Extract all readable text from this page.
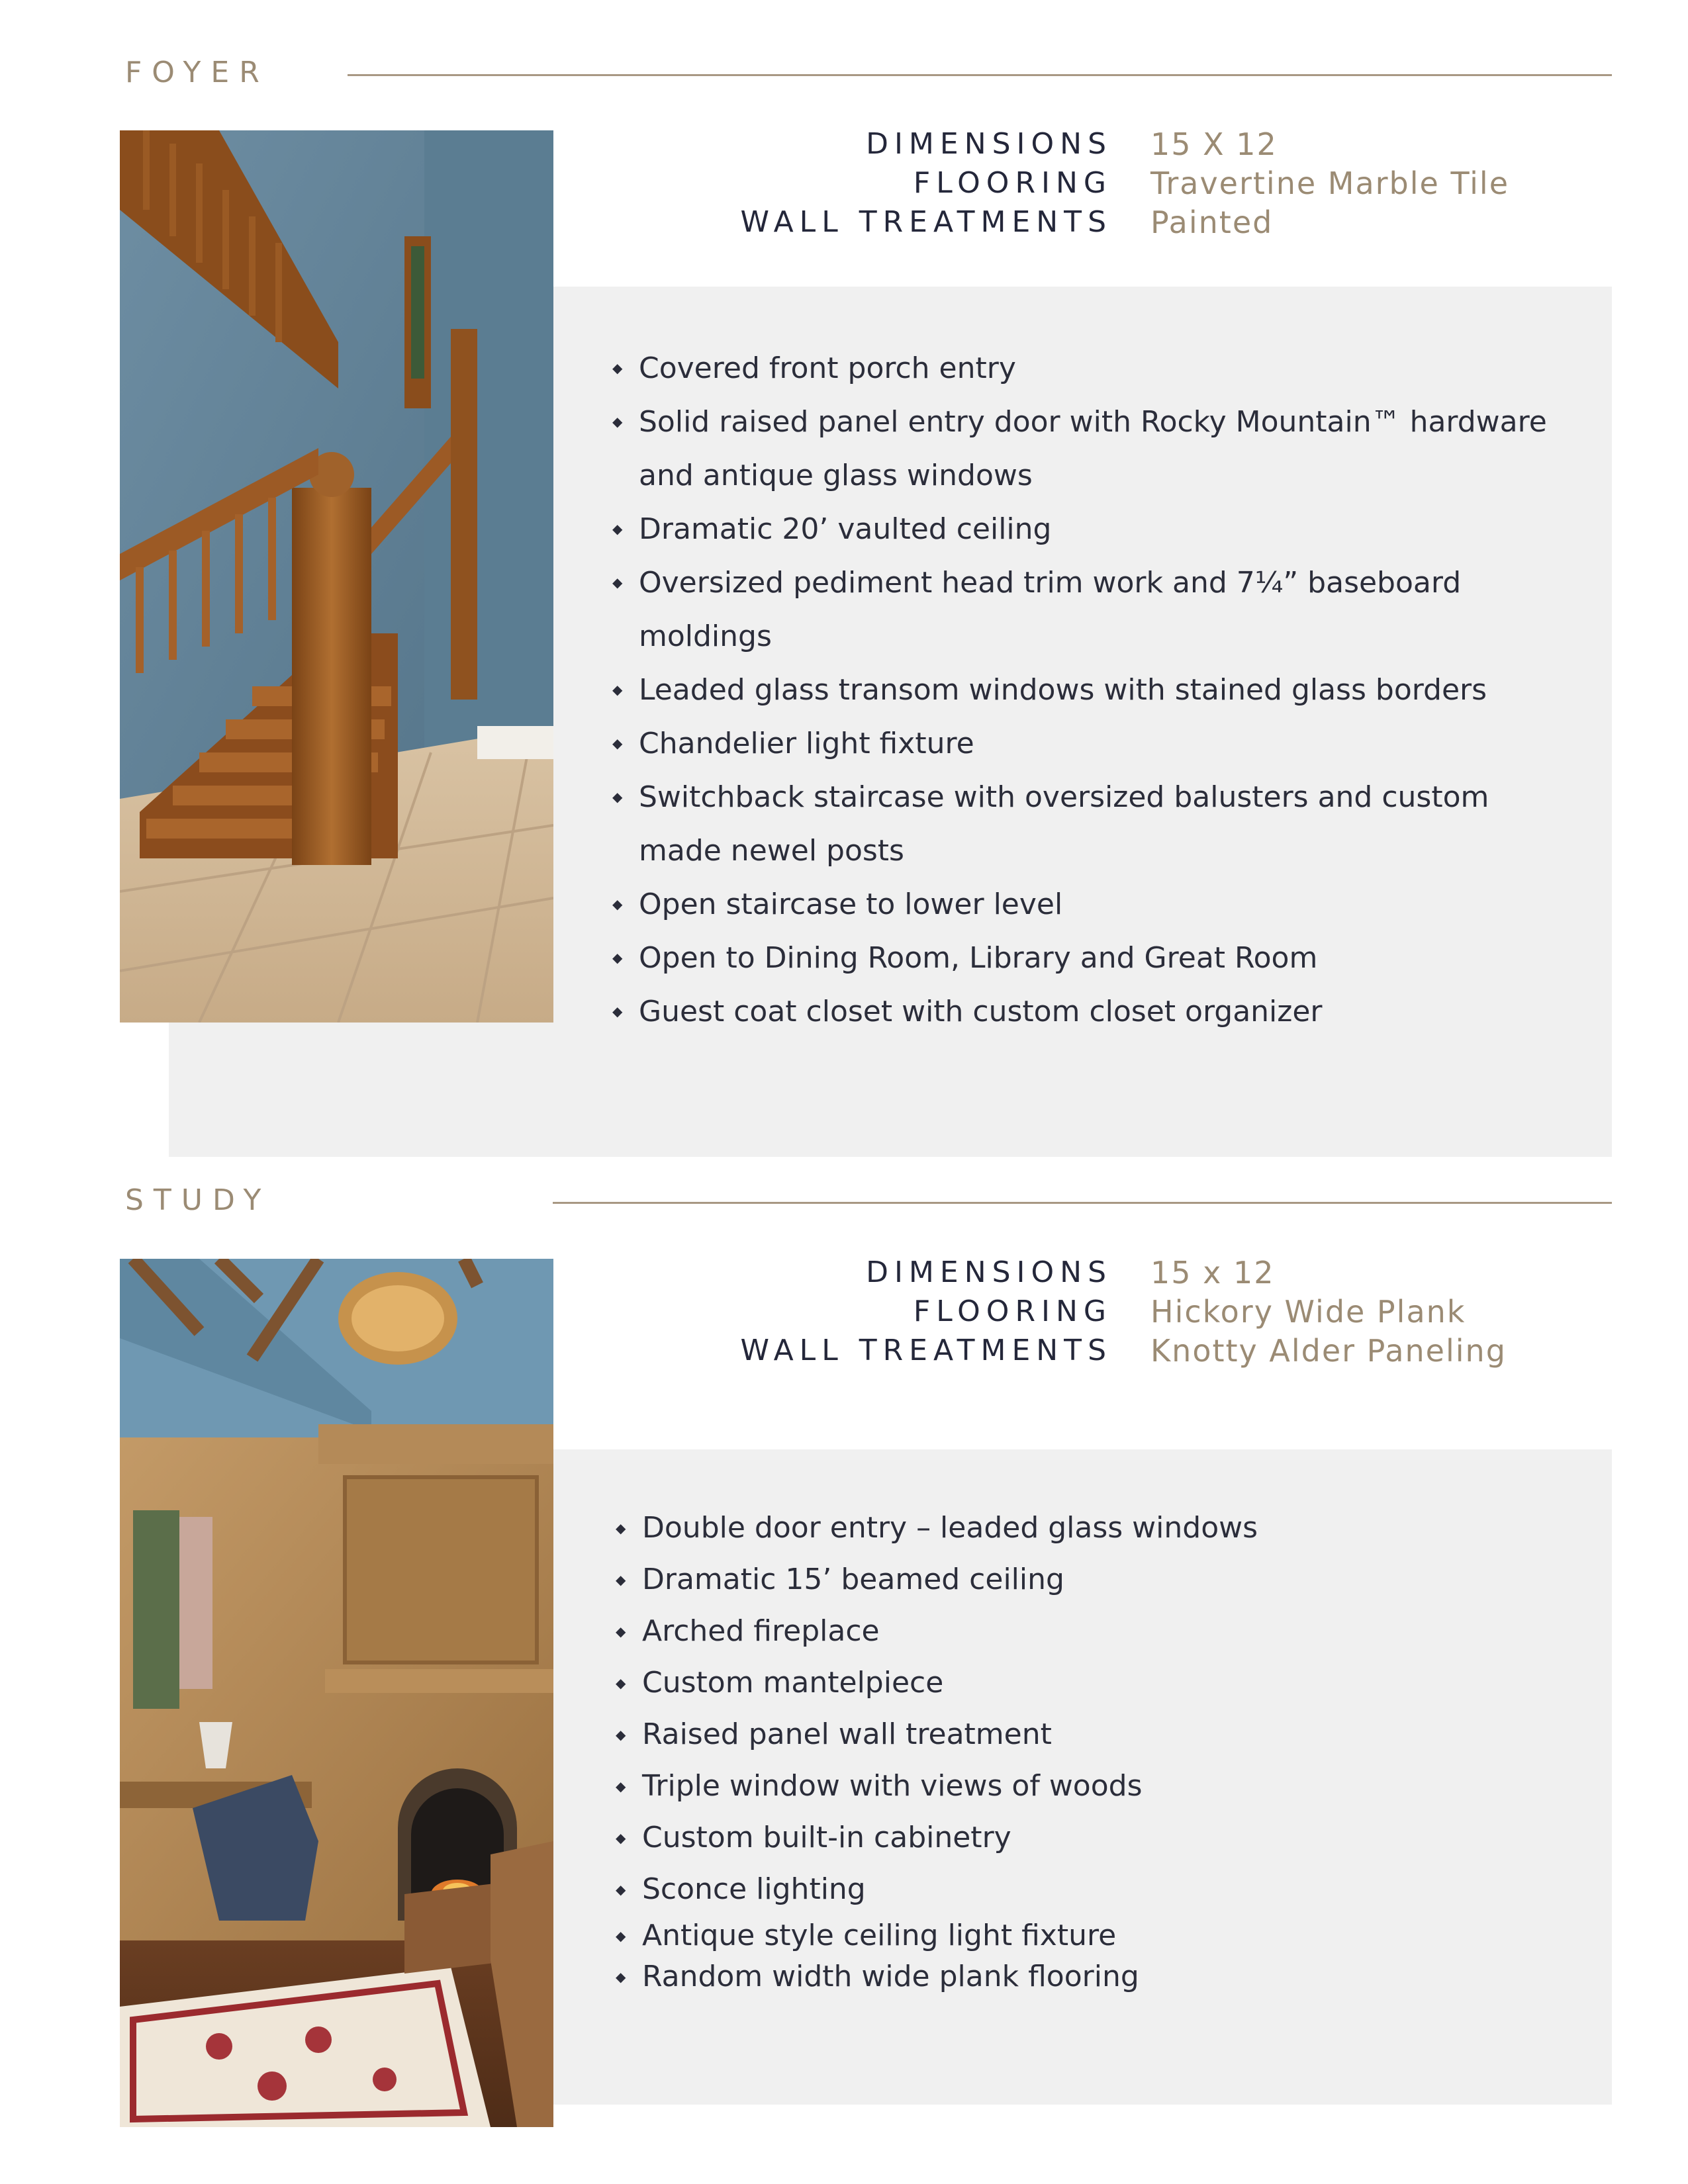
FOYER
DIMENSIONS 15 X 12
FLOORING Travertine Marble Tile
WALL TREATMENTS Painted
◆ Covered front porch entry
◆ Solid raised panel entry door with Rocky Mountain™ hardware and antique glass windows
◆ Dramatic 20’ vaulted ceiling
◆ Oversized pediment head trim work and 7¼” baseboard moldings
◆ Leaded glass transom windows with stained glass borders
◆ Chandelier light fixture
◆ Switchback staircase with oversized balusters and custom made newel posts
◆ Open staircase to lower level
◆ Open to Dining Room, Library and Great Room
◆ Guest coat closet with custom closet organizer
STUDY
DIMENSIONS 15 x 12
FLOORING Hickory Wide Plank
WALL TREATMENTS Knotty Alder Paneling
◆ Double door entry – leaded glass windows
◆ Dramatic 15’ beamed ceiling
◆ Arched fireplace
◆ Custom mantelpiece
◆ Raised panel wall treatment
◆ Triple window with views of woods
◆ Custom built-in cabinetry
◆ Sconce lighting
◆ Antique style ceiling light fixture
◆ Random width wide plank flooring
